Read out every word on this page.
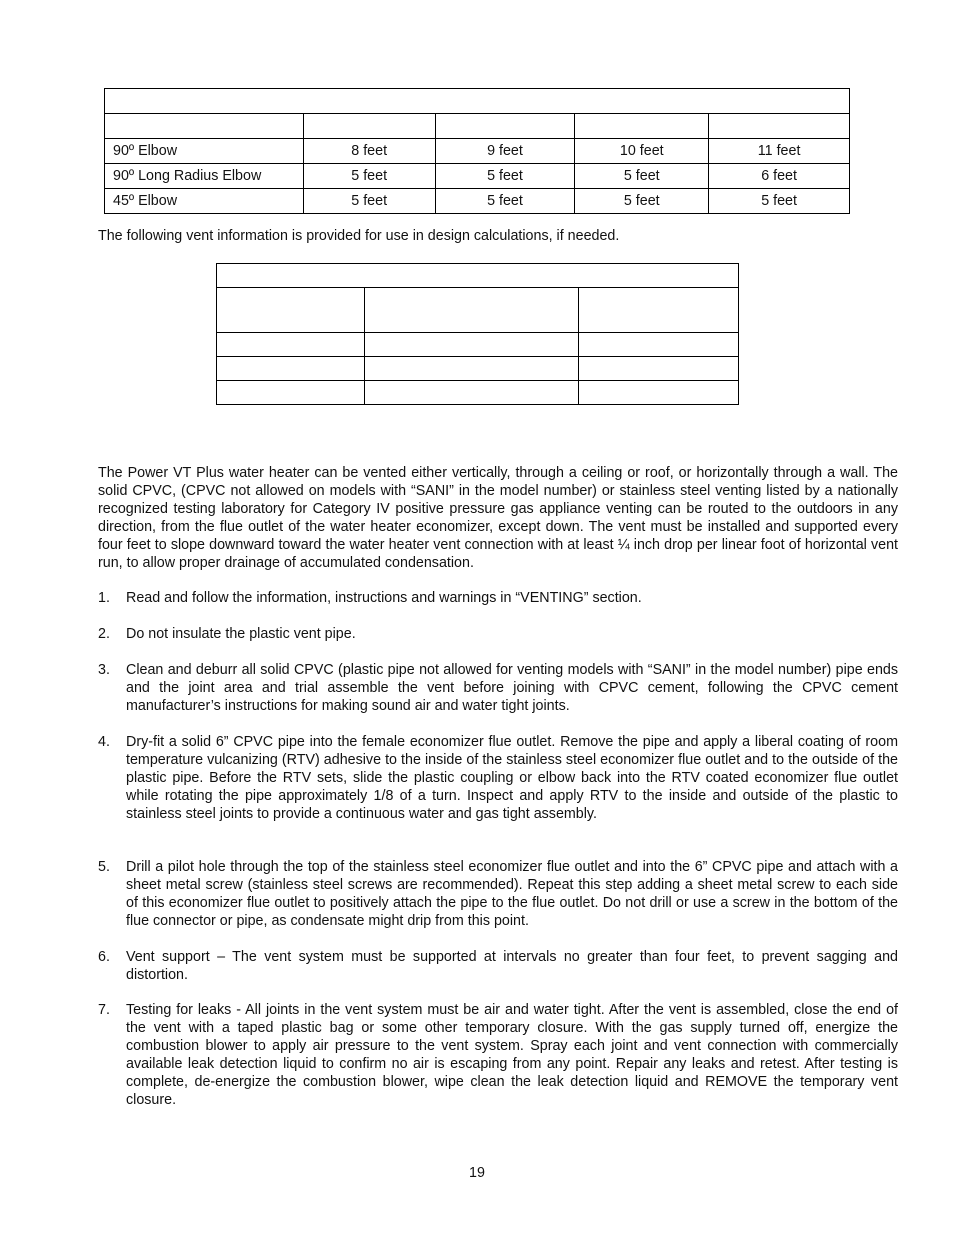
90º Elbow	8 feet	9 feet	10 feet	11 feet
90º Long Radius Elbow	5 feet	5 feet	5 feet	6 feet
45º Elbow	5 feet	5 feet	5 feet	5 feet

The following vent information is provided for use in design calculations, if needed.

The Power VT Plus water heater can be vented either vertically, through a ceiling or roof, or horizontally through a wall. The solid CPVC, (CPVC not allowed on models with “SANI” in the model number) or stainless steel venting listed by a nationally recognized testing laboratory for Category IV positive pressure gas appliance venting can be routed to the outdoors in any direction, from the flue outlet of the water heater economizer, except down. The vent must be installed and supported every four feet to slope downward toward the water heater vent connection with at least ¼ inch drop per linear foot of horizontal vent run, to allow proper drainage of accumulated condensation.

1.	Read and follow the information, instructions and warnings in “VENTING” section.
2.	Do not insulate the plastic vent pipe.
3.	Clean and deburr all solid CPVC (plastic pipe not allowed for venting models with “SANI” in the model number) pipe ends and the joint area and trial assemble the vent before joining with CPVC cement, following the CPVC cement manufacturer’s instructions for making sound air and water tight joints.
4.	Dry-fit a solid 6” CPVC pipe into the female economizer flue outlet. Remove the pipe and apply a liberal coating of room temperature vulcanizing (RTV) adhesive to the inside of the stainless steel economizer flue outlet and to the outside of the plastic pipe. Before the RTV sets, slide the plastic coupling or elbow back into the RTV coated economizer flue outlet while rotating the pipe approximately 1/8 of a turn. Inspect and apply RTV to the inside and outside of the plastic to stainless steel joints to provide a continuous water and gas tight assembly.
5.	Drill a pilot hole through the top of the stainless steel economizer flue outlet and into the 6” CPVC pipe and attach with a sheet metal screw (stainless steel screws are recommended). Repeat this step adding a sheet metal screw to each side of this economizer flue outlet to positively attach the pipe to the flue outlet. Do not drill or use a screw in the bottom of the flue connector or pipe, as condensate might drip from this point.
6.	Vent support – The vent system must be supported at intervals no greater than four feet, to prevent sagging and distortion.
7.	Testing for leaks - All joints in the vent system must be air and water tight. After the vent is assembled, close the end of the vent with a taped plastic bag or some other temporary closure. With the gas supply turned off, energize the combustion blower to apply air pressure to the vent system. Spray each joint and vent connection with commercially available leak detection liquid to confirm no air is escaping from any point. Repair any leaks and retest. After testing is complete, de-energize the combustion blower, wipe clean the leak detection liquid and REMOVE the temporary vent closure.
19
